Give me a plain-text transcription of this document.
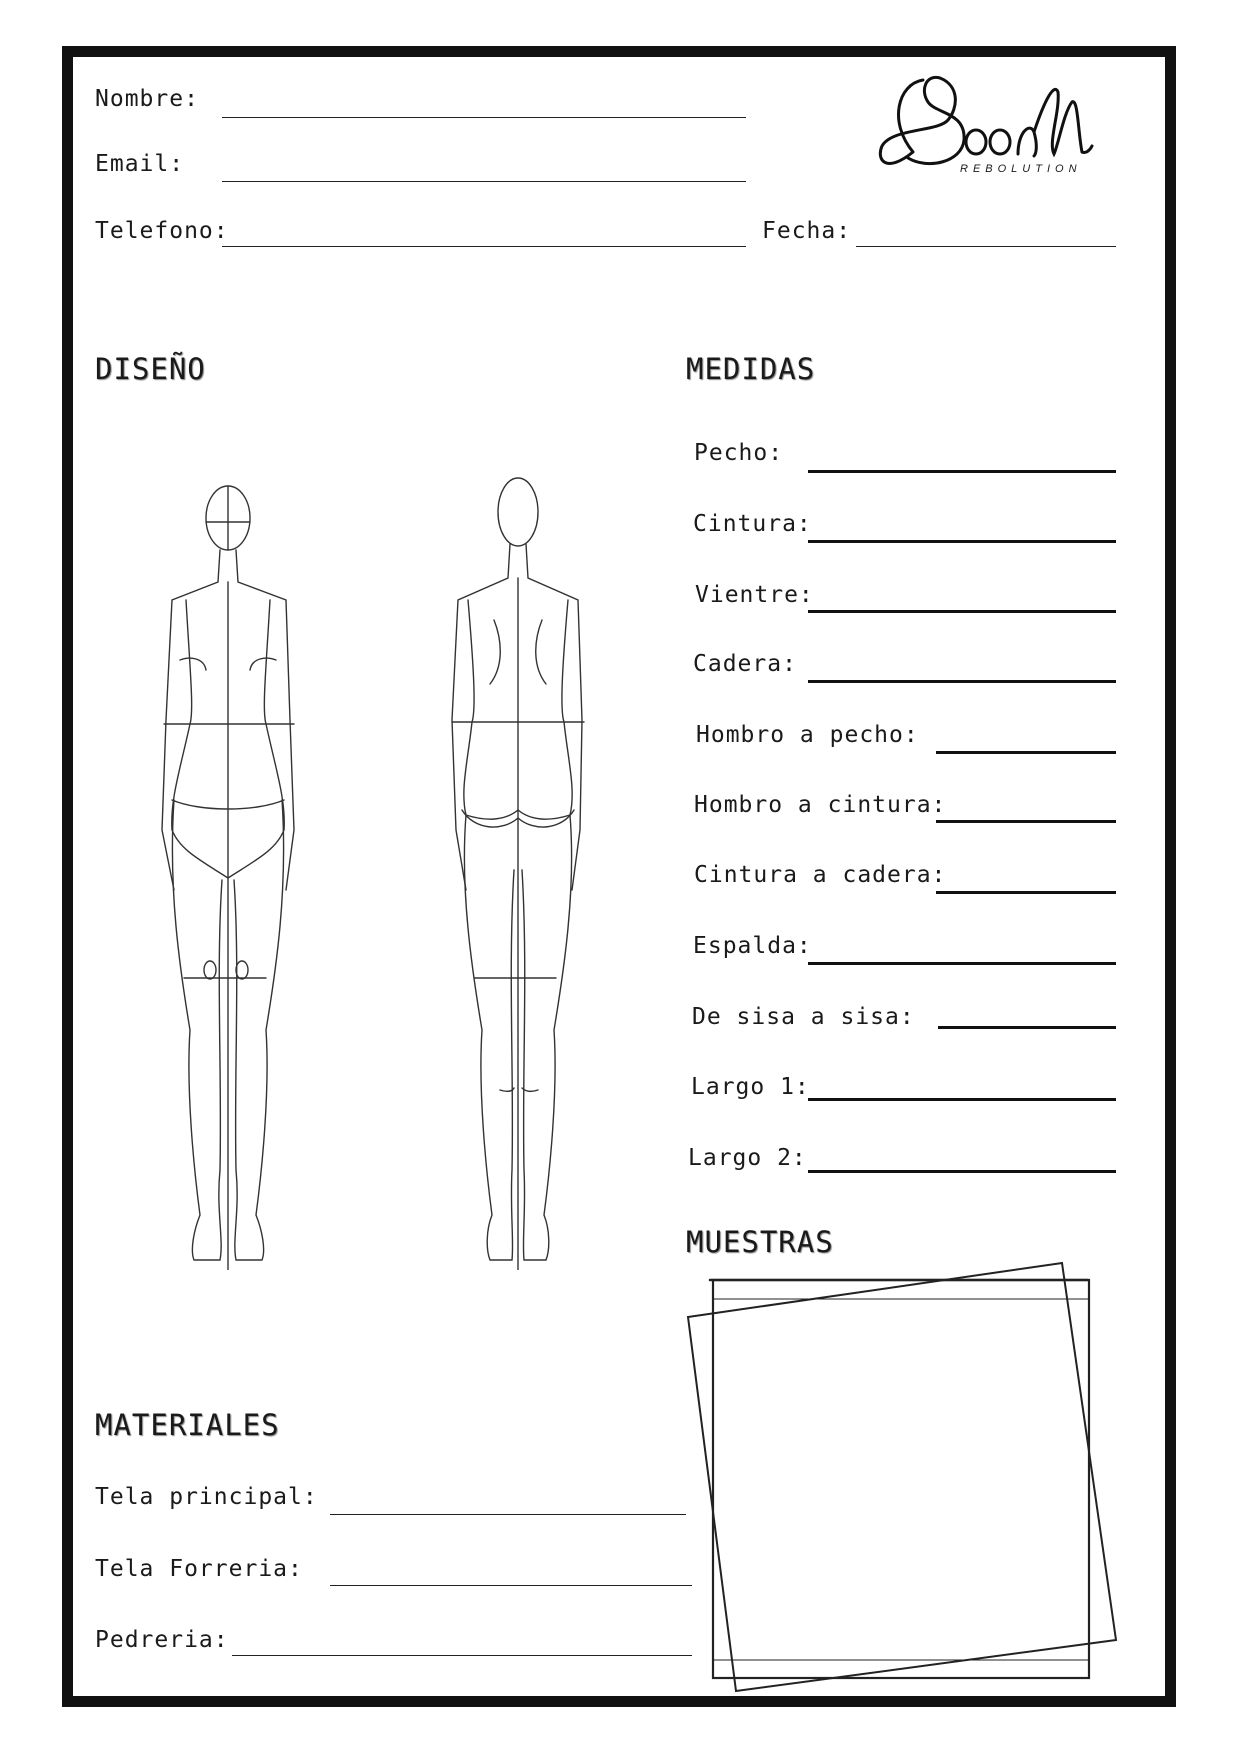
Nombre:
Email:
Telefono:	Fecha:
REBOLUTION
DISEÑO	MEDIDAS
MUESTRAS
MATERIALES
Pecho:
Cintura:
Vientre:
Cadera:
Hombro a pecho:
Hombro a cintura:
Cintura a cadera:
Espalda:
De sisa a sisa:
Largo 1:
Largo 2:
Tela principal:
Tela Forreria:
Pedreria:
